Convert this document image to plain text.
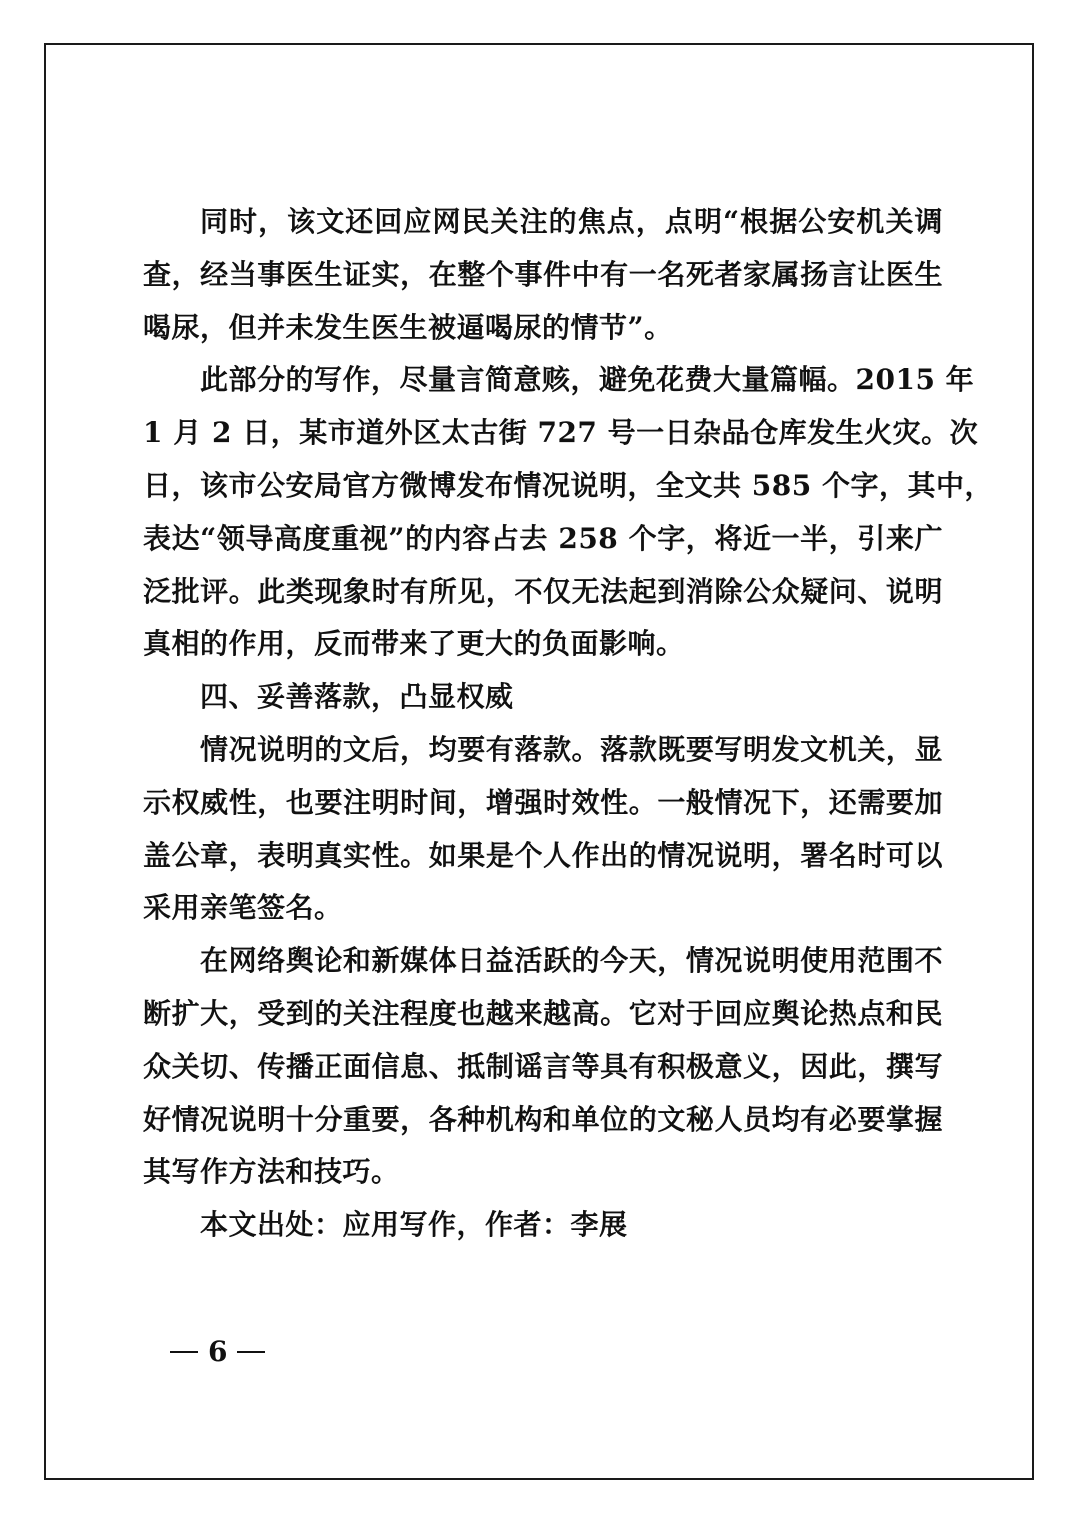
同时，该文还回应网民关注的焦点，点明“根据公安机关调
查，经当事医生证实，在整个事件中有一名死者家属扬言让医生
喝尿，但并未发生医生被逼喝尿的情节”。
此部分的写作，尽量言简意赅，避免花费大量篇幅。2015 年
1 月 2 日，某市道外区太古街 727 号一日杂品仓库发生火灾。次
日，该市公安局官方微博发布情况说明，全文共 585 个字，其中，
表达“领导高度重视”的内容占去 258 个字，将近一半，引来广
泛批评。此类现象时有所见，不仅无法起到消除公众疑问、说明
真相的作用，反而带来了更大的负面影响。
四、妥善落款，凸显权威
情况说明的文后，均要有落款。落款既要写明发文机关，显
示权威性，也要注明时间，增强时效性。一般情况下，还需要加
盖公章，表明真实性。如果是个人作出的情况说明，署名时可以
采用亲笔签名。
在网络舆论和新媒体日益活跃的今天，情况说明使用范围不
断扩大，受到的关注程度也越来越高。它对于回应舆论热点和民
众关切、传播正面信息、抵制谣言等具有积极意义，因此，撰写
好情况说明十分重要，各种机构和单位的文秘人员均有必要掌握
其写作方法和技巧。
本文出处：应用写作，作者：李展
6
